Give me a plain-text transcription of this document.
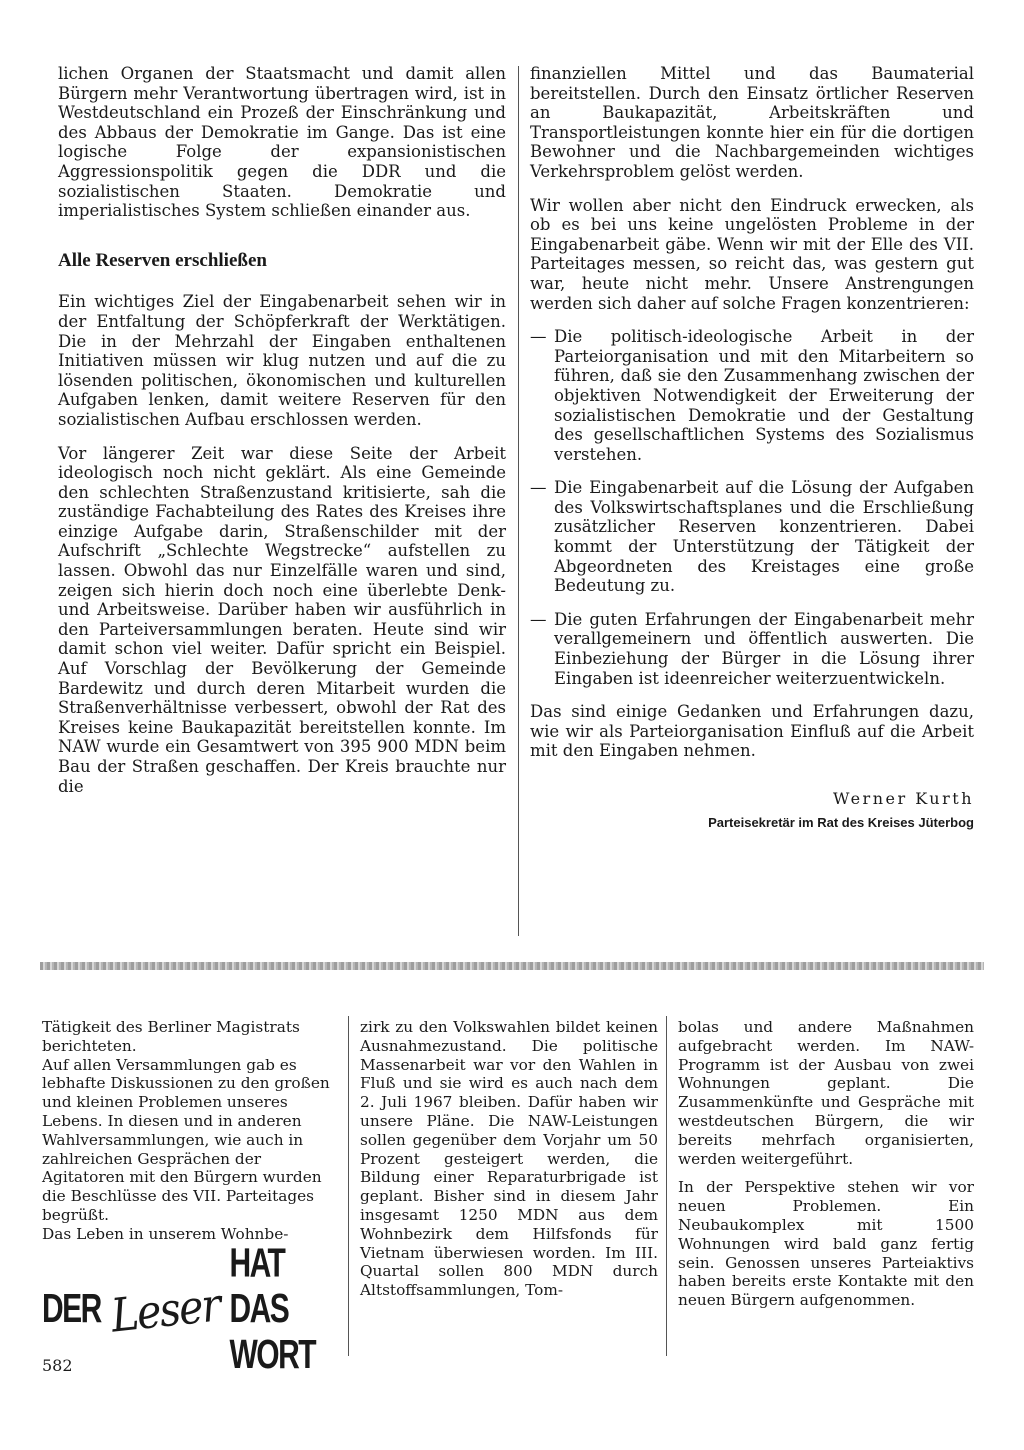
lichen Organen der Staatsmacht und damit allen Bürgern mehr Verantwortung übertragen wird, ist in Westdeutschland ein Prozeß der Einschränkung und des Abbaus der Demokratie im Gange. Das ist eine logische Folge der expansionistischen Aggressionspolitik gegen die DDR und die sozialistischen Staaten. Demokratie und imperialistisches System schließen einander aus.

Alle Reserven erschließen

Ein wichtiges Ziel der Eingabenarbeit sehen wir in der Entfaltung der Schöpferkraft der Werktätigen. Die in der Mehrzahl der Eingaben enthaltenen Initiativen müssen wir klug nutzen und auf die zu lösenden politischen, ökonomischen und kulturellen Aufgaben lenken, damit weitere Reserven für den sozialistischen Aufbau erschlossen werden.

Vor längerer Zeit war diese Seite der Arbeit ideologisch noch nicht geklärt. Als eine Gemeinde den schlechten Straßenzustand kritisierte, sah die zuständige Fachabteilung des Rates des Kreises ihre einzige Aufgabe darin, Straßenschilder mit der Aufschrift „Schlechte Wegstrecke“ aufstellen zu lassen. Obwohl das nur Einzelfälle waren und sind, zeigen sich hierin doch noch eine überlebte Denk- und Arbeitsweise. Darüber haben wir ausführlich in den Parteiversammlungen beraten. Heute sind wir damit schon viel weiter. Dafür spricht ein Beispiel. Auf Vorschlag der Bevölkerung der Gemeinde Bardewitz und durch deren Mitarbeit wurden die Straßenverhältnisse verbessert, obwohl der Rat des Kreises keine Baukapazität bereitstellen konnte. Im NAW wurde ein Gesamtwert von 395 900 MDN beim Bau der Straßen geschaffen. Der Kreis brauchte nur die

finanziellen Mittel und das Baumaterial bereitstellen. Durch den Einsatz örtlicher Reserven an Baukapazität, Arbeitskräften und Transportleistungen konnte hier ein für die dortigen Bewohner und die Nachbargemeinden wichtiges Verkehrsproblem gelöst werden.

Wir wollen aber nicht den Eindruck erwecken, als ob es bei uns keine ungelösten Probleme in der Eingabenarbeit gäbe. Wenn wir mit der Elle des VII. Parteitages messen, so reicht das, was gestern gut war, heute nicht mehr. Unsere Anstrengungen werden sich daher auf solche Fragen konzentrieren:

— Die politisch-ideologische Arbeit in der Parteiorganisation und mit den Mitarbeitern so führen, daß sie den Zusammenhang zwischen der objektiven Notwendigkeit der Erweiterung der sozialistischen Demokratie und der Gestaltung des gesellschaftlichen Systems des Sozialismus verstehen.
— Die Eingabenarbeit auf die Lösung der Aufgaben des Volkswirtschaftsplanes und die Erschließung zusätzlicher Reserven konzentrieren. Dabei kommt der Unterstützung der Tätigkeit der Abgeordneten des Kreistages eine große Bedeutung zu.
— Die guten Erfahrungen der Eingabenarbeit mehr verallgemeinern und öffentlich auswerten. Die Einbeziehung der Bürger in die Lösung ihrer Eingaben ist ideenreicher weiterzuentwickeln.

Das sind einige Gedanken und Erfahrungen dazu, wie wir als Parteiorganisation Einfluß auf die Arbeit mit den Eingaben nehmen.

Werner Kurth
Parteisekretär im Rat des Kreises Jüterbog

Tätigkeit des Berliner Magistrats berichteten.

Auf allen Versammlungen gab es lebhafte Diskussionen zu den großen und kleinen Problemen unseres Lebens. In diesen und in anderen Wahlversammlungen, wie auch in zahlreichen Gesprächen der Agitatoren mit den Bürgern wurden die Beschlüsse des VII. Parteitages begrüßt.

Das Leben in unserem Wohnbe-

zirk zu den Volkswahlen bildet keinen Ausnahmezustand. Die politische Massenarbeit war vor den Wahlen in Fluß und sie wird es auch nach dem 2. Juli 1967 bleiben. Dafür haben wir unsere Pläne. Die NAW-Leistungen sollen gegenüber dem Vorjahr um 50 Prozent gesteigert werden, die Bildung einer Reparaturbrigade ist geplant. Bisher sind in diesem Jahr insgesamt 1250 MDN aus dem Wohnbezirk dem Hilfsfonds für Vietnam überwiesen worden. Im III. Quartal sollen 800 MDN durch Altstoffsammlungen, Tom-

bolas und andere Maßnahmen aufgebracht werden. Im NAW-Programm ist der Ausbau von zwei Wohnungen geplant. Die Zusammenkünfte und Gespräche mit westdeutschen Bürgern, die wir bereits mehrfach organisierten, werden weitergeführt.

In der Perspektive stehen wir vor neuen Problemen. Ein Neubaukomplex mit 1500 Wohnungen wird bald ganz fertig sein. Genossen unseres Parteiaktivs haben bereits erste Kontakte mit den neuen Bürgern aufgenommen.

DER Leser
HAT DAS WORT
582
